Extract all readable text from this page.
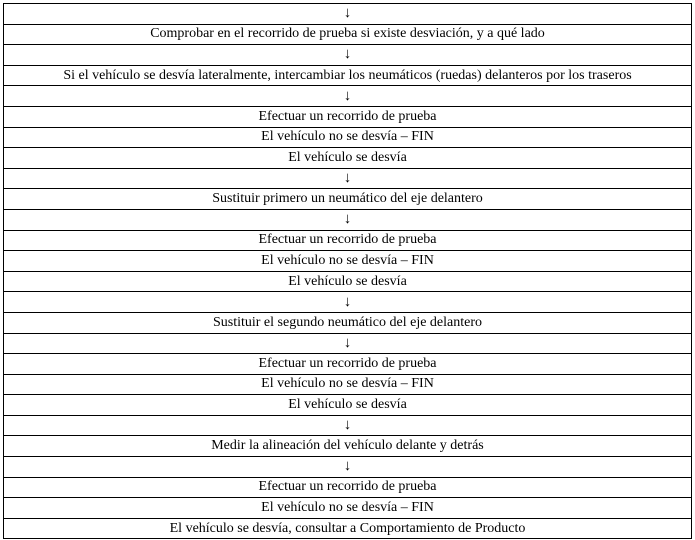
↓
Comprobar en el recorrido de prueba si existe desviación, y a qué lado
↓
Si el vehículo se desvía lateralmente, intercambiar los neumáticos (ruedas) delanteros por los traseros
↓
Efectuar un recorrido de prueba
El vehículo no se desvía – FIN
El vehículo se desvía
↓
Sustituir primero un neumático del eje delantero
↓
Efectuar un recorrido de prueba
El vehículo no se desvía – FIN
El vehículo se desvía
↓
Sustituir el segundo neumático del eje delantero
↓
Efectuar un recorrido de prueba
El vehículo no se desvía – FIN
El vehículo se desvía
↓
Medir la alineación del vehículo delante y detrás
↓
Efectuar un recorrido de prueba
El vehículo no se desvía – FIN
El vehículo se desvía, consultar a Comportamiento de Producto
